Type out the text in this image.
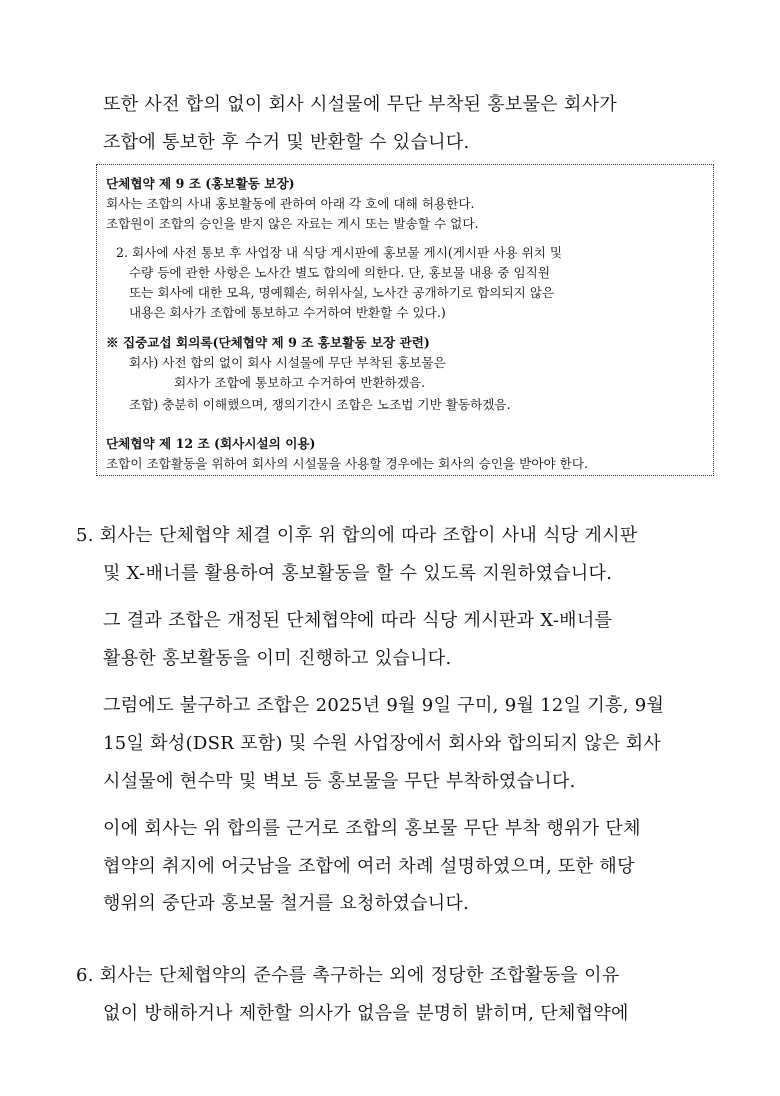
또한 사전 합의 없이 회사 시설물에 무단 부착된 홍보물은 회사가
조합에 통보한 후 수거 및 반환할 수 있습니다.
단체협약 제 9 조 (홍보활동 보장)
회사는 조합의 사내 홍보활동에 관하여 아래 각 호에 대해 허용한다.
조합원이 조합의 승인을 받지 않은 자료는 게시 또는 발송할 수 없다.
2. 회사에 사전 통보 후 사업장 내 식당 게시판에 홍보물 게시(게시판 사용 위치 및
수량 등에 관한 사항은 노사간 별도 합의에 의한다. 단, 홍보물 내용 중 임직원
또는 회사에 대한 모욕, 명예훼손, 허위사실, 노사간 공개하기로 합의되지 않은
내용은 회사가 조합에 통보하고 수거하여 반환할 수 있다.)
※ 집중교섭 회의록(단체협약 제 9 조 홍보활동 보장 관련)
회사) 사전 합의 없이 회사 시설물에 무단 부착된 홍보물은
회사가 조합에 통보하고 수거하여 반환하겠음.
조합) 충분히 이해했으며, 쟁의기간시 조합은 노조법 기반 활동하겠음.
단체협약 제 12 조 (회사시설의 이용)
조합이 조합활동을 위하여 회사의 시설물을 사용할 경우에는 회사의 승인을 받아야 한다.
5. 회사는 단체협약 체결 이후 위 합의에 따라 조합이 사내 식당 게시판
및 X-배너를 활용하여 홍보활동을 할 수 있도록 지원하였습니다.
그 결과 조합은 개정된 단체협약에 따라 식당 게시판과 X-배너를
활용한 홍보활동을 이미 진행하고 있습니다.
그럼에도 불구하고 조합은 2025년 9월 9일 구미, 9월 12일 기흥, 9월
15일 화성(DSR 포함) 및 수원 사업장에서 회사와 합의되지 않은 회사
시설물에 현수막 및 벽보 등 홍보물을 무단 부착하였습니다.
이에 회사는 위 합의를 근거로 조합의 홍보물 무단 부착 행위가 단체
협약의 취지에 어긋남을 조합에 여러 차례 설명하였으며, 또한 해당
행위의 중단과 홍보물 철거를 요청하였습니다.
6. 회사는 단체협약의 준수를 촉구하는 외에 정당한 조합활동을 이유
없이 방해하거나 제한할 의사가 없음을 분명히 밝히며, 단체협약에
